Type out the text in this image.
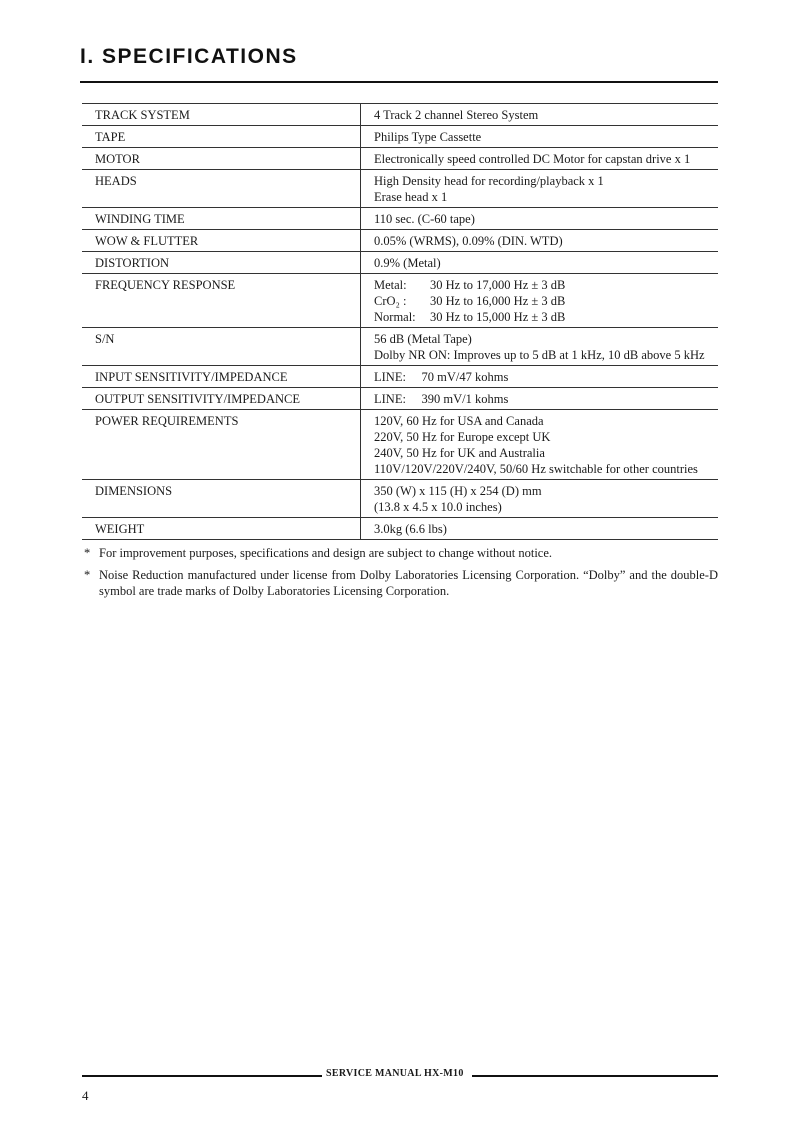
I. SPECIFICATIONS
TRACK SYSTEM	4 Track 2 channel Stereo System

TAPE	Philips Type Cassette

MOTOR	Electronically speed controlled DC Motor for capstan drive x 1

HEADS	High Density head for recording/playback x 1
Erase head x 1

WINDING TIME	110 sec. (C-60 tape)

WOW & FLUTTER	0.05% (WRMS), 0.09% (DIN. WTD)

DISTORTION	0.9% (Metal)

FREQUENCY RESPONSE	Metal: 30 Hz to 17,000 Hz ± 3 dB
CrO₂ : 30 Hz to 16,000 Hz ± 3 dB
Normal: 30 Hz to 15,000 Hz ± 3 dB

S/N	56 dB (Metal Tape)
Dolby NR ON: Improves up to 5 dB at 1 kHz, 10 dB above 5 kHz

INPUT SENSITIVITY/IMPEDANCE	LINE:     70 mV/47 kohms

OUTPUT SENSITIVITY/IMPEDANCE	LINE:     390 mV/1 kohms

POWER REQUIREMENTS	120V, 60 Hz for USA and Canada
220V, 50 Hz for Europe except UK
240V, 50 Hz for UK and Australia
110V/120V/220V/240V, 50/60 Hz switchable for other countries

DIMENSIONS	350 (W) x 115 (H) x 254 (D) mm
(13.8 x 4.5 x 10.0 inches)

WEIGHT	3.0kg (6.6 lbs)
* For improvement purposes, specifications and design are subject to change without notice.
* Noise Reduction manufactured under license from Dolby Laboratories Licensing Corporation. “Dolby” and the double-D symbol are trade marks of Dolby Laboratories Licensing Corporation.
SERVICE MANUAL HX-M10
4
